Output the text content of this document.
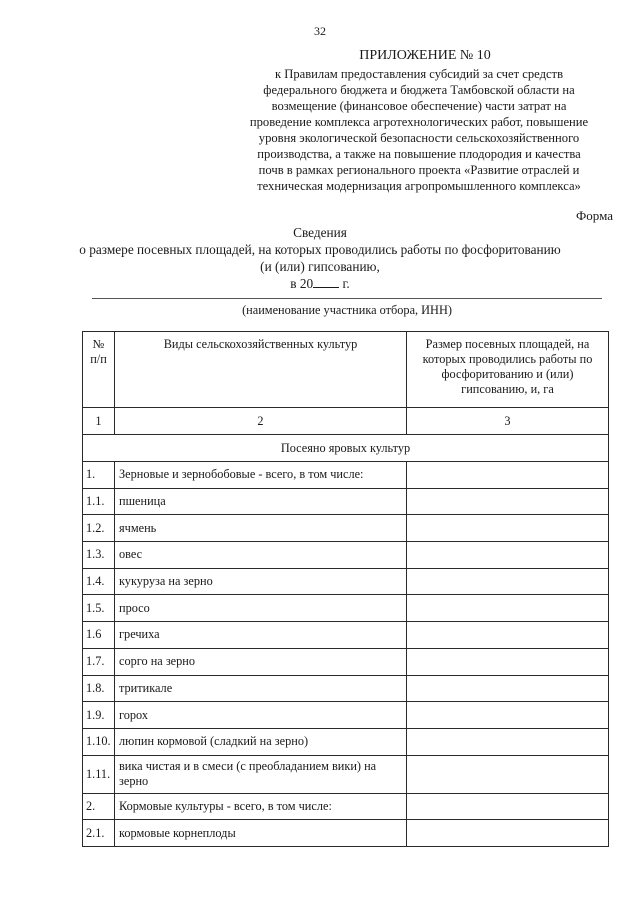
32
ПРИЛОЖЕНИЕ № 10
к Правилам предоставления субсидий за счет средств
федерального бюджета и бюджета Тамбовской области на
возмещение (финансовое обеспечение) части затрат на
проведение комплекса агротехнологических работ, повышение
уровня экологической безопасности сельскохозяйственного
производства, а также на повышение плодородия и качества
почв в рамках регионального проекта «Развитие отраслей и
техническая модернизация агропромышленного комплекса»
Форма
Сведения
о размере посевных площадей, на которых проводились работы по фосфоритованию
(и (или) гипсованию,
в 20 г.
(наименование участника отбора, ИНН)
№ п/п	Виды сельскохозяйственных культур	Размер посевных площадей, на которых проводились работы по фосфоритованию и (или) гипсованию, и, га
1	2	3
Посеяно яровых культур		
1.	Зерновые и зернобобовые - всего, в том числе:	
1.1.	пшеница	
1.2.	ячмень	
1.3.	овес	
1.4.	кукуруза на зерно	
1.5.	просо	
1.6	гречиха	
1.7.	сорго на зерно	
1.8.	тритикале	
1.9.	горох	
1.10.	люпин кормовой (сладкий на зерно)	
1.11.	вика чистая и в смеси (с преобладанием вики) на зерно	
2.	Кормовые культуры - всего, в том числе:	
2.1.	кормовые корнеплоды	
